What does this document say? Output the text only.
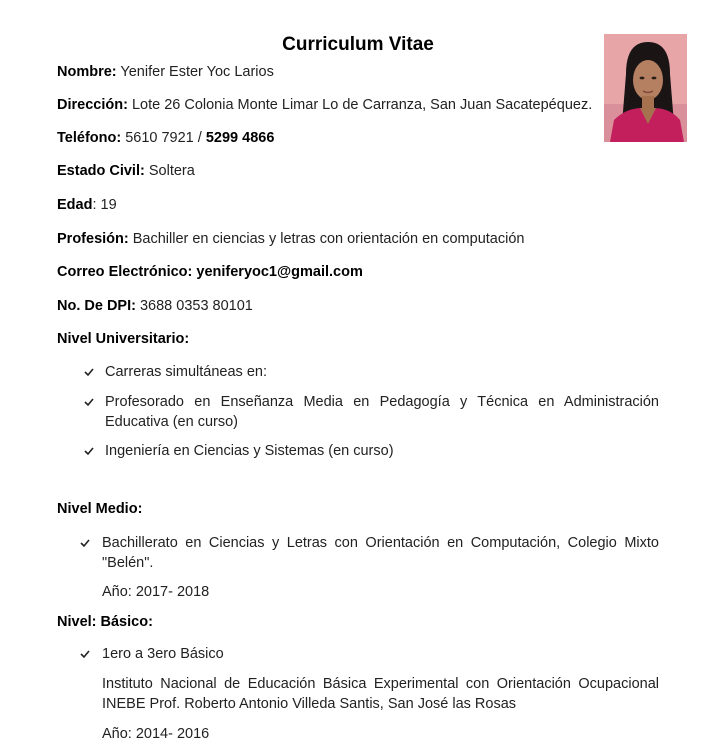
Curriculum Vitae
Nombre: Yenifer Ester Yoc Larios
Dirección: Lote 26 Colonia Monte Limar Lo de Carranza, San Juan Sacatepéquez.
Teléfono: 5610 7921 / 5299 4866
Estado Civil: Soltera
Edad: 19
Profesión: Bachiller en ciencias y letras con orientación en computación
Correo Electrónico: yeniferyoc1@gmail.com
No. De DPI: 3688 0353 80101
Nivel Universitario:
Carreras simultáneas en:
Profesorado en Enseñanza Media en Pedagogía y Técnica en Administración Educativa (en curso)
Ingeniería en Ciencias y Sistemas (en curso)
Nivel Medio:
Bachillerato en Ciencias y Letras con Orientación en Computación, Colegio Mixto "Belén".
Año: 2017- 2018
Nivel: Básico:
1ero a 3ero Básico
Instituto Nacional de Educación Básica Experimental con Orientación Ocupacional INEBE Prof. Roberto Antonio Villeda Santis, San José las Rosas
Año: 2014- 2016
